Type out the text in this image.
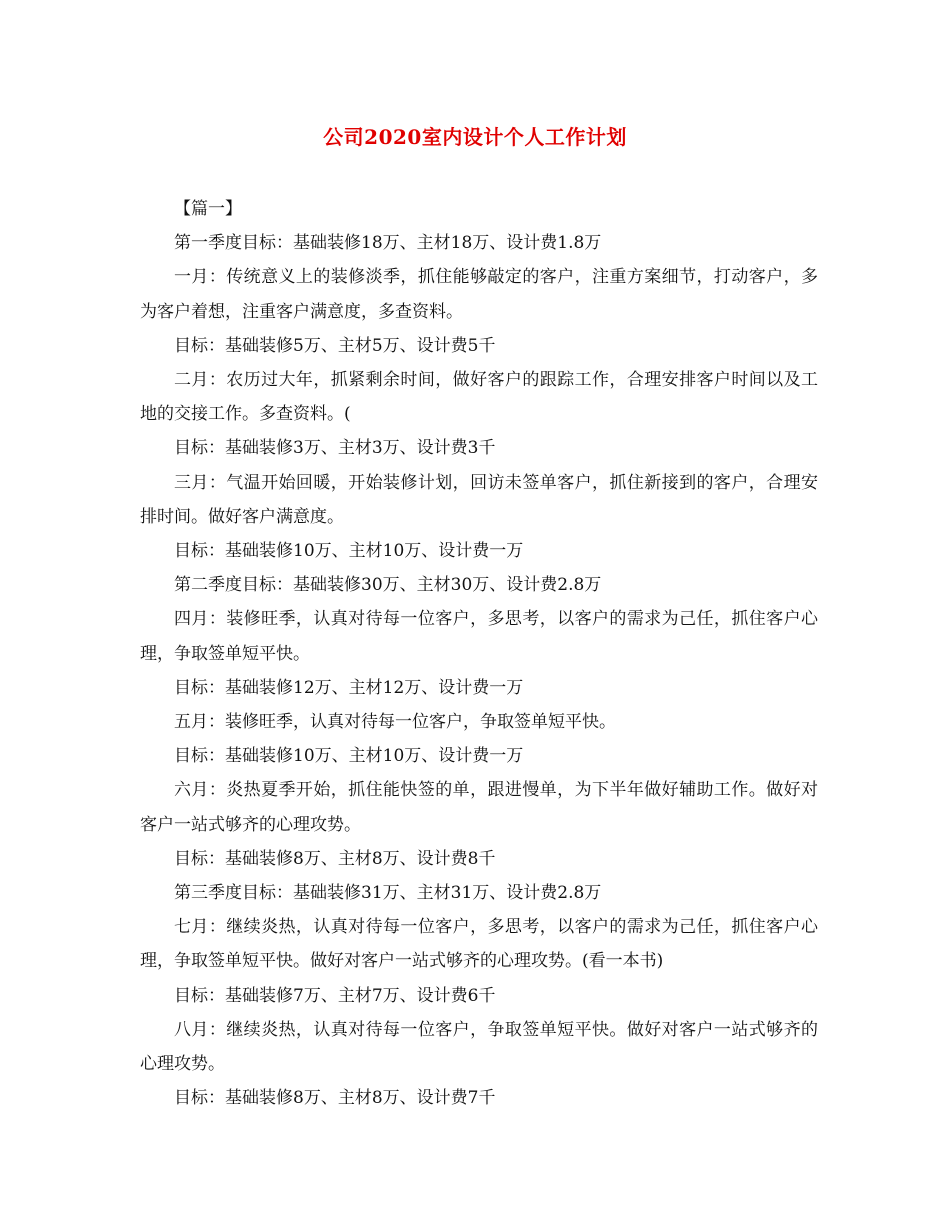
公司2020室内设计个人工作计划

【篇一】

第一季度目标：基础装修18万、主材18万、设计费1.8万

一月：传统意义上的装修淡季，抓住能够敲定的客户，注重方案细节，打动客户，多为客户着想，注重客户满意度，多查资料。

目标：基础装修5万、主材5万、设计费5千

二月：农历过大年，抓紧剩余时间，做好客户的跟踪工作，合理安排客户时间以及工地的交接工作。多查资料。(

目标：基础装修3万、主材3万、设计费3千

三月：气温开始回暖，开始装修计划，回访未签单客户，抓住新接到的客户，合理安排时间。做好客户满意度。

目标：基础装修10万、主材10万、设计费一万

第二季度目标：基础装修30万、主材30万、设计费2.8万

四月：装修旺季，认真对待每一位客户，多思考，以客户的需求为己任，抓住客户心理，争取签单短平快。

目标：基础装修12万、主材12万、设计费一万

五月：装修旺季，认真对待每一位客户，争取签单短平快。

目标：基础装修10万、主材10万、设计费一万

六月：炎热夏季开始，抓住能快签的单，跟进慢单，为下半年做好辅助工作。做好对客户一站式够齐的心理攻势。

目标：基础装修8万、主材8万、设计费8千

第三季度目标：基础装修31万、主材31万、设计费2.8万

七月：继续炎热，认真对待每一位客户，多思考，以客户的需求为己任，抓住客户心理，争取签单短平快。做好对客户一站式够齐的心理攻势。(看一本书)

目标：基础装修7万、主材7万、设计费6千

八月：继续炎热，认真对待每一位客户，争取签单短平快。做好对客户一站式够齐的心理攻势。

目标：基础装修8万、主材8万、设计费7千
